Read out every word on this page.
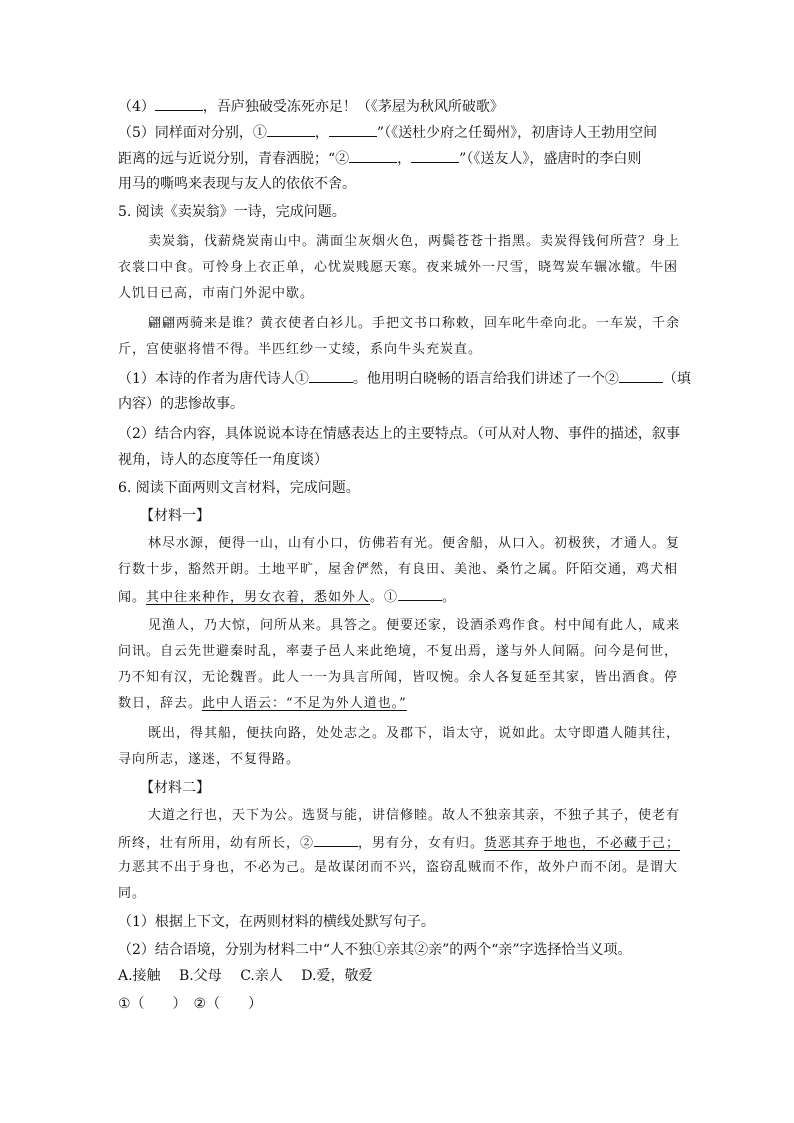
（4）	，吾庐独破受冻死亦足！（《茅屋为秋风所破歌》
（5）同样面对分别，①	，	”（《送杜少府之任蜀州》，初唐诗人王勃用空间
距离的远与近说分别，青春洒脱；“②	，	”（《送友人》，盛唐时的李白则
用马的嘶鸣来表现与友人的依依不舍。
5. 阅读《卖炭翁》一诗，完成问题。
卖炭翁，伐薪烧炭南山中。满面尘灰烟火色，两鬓苍苍十指黑。卖炭得钱何所营？身上
衣裳口中食。可怜身上衣正单，心忧炭贱愿天寒。夜来城外一尺雪，晓驾炭车辗冰辙。牛困
人饥日已高，市南门外泥中歇。
翩翩两骑来是谁？黄衣使者白衫儿。手把文书口称敕，回车叱牛牵向北。一车炭，千余
斤，宫使驱将惜不得。半匹红纱一丈绫，系向牛头充炭直。
（1）本诗的作者为唐代诗人①	。他用明白晓畅的语言给我们讲述了一个②	（填
内容）的悲惨故事。
（2）结合内容，具体说说本诗在情感表达上的主要特点。（可从对人物、事件的描述，叙事
视角，诗人的态度等任一角度谈）
6. 阅读下面两则文言材料，完成问题。
【材料一】
林尽水源，便得一山，山有小口，仿佛若有光。便舍船，从口入。初极狭，才通人。复
行数十步，豁然开朗。土地平旷，屋舍俨然，有良田、美池、桑竹之属。阡陌交通，鸡犬相
闻。其中往来种作，男女衣着，悉如外人。①	。
见渔人，乃大惊，问所从来。具答之。便要还家，设酒杀鸡作食。村中闻有此人，咸来
问讯。自云先世避秦时乱，率妻子邑人来此绝境，不复出焉，遂与外人间隔。问今是何世，
乃不知有汉，无论魏晋。此人一一为具言所闻，皆叹惋。余人各复延至其家，皆出酒食。停
数日，辞去。此中人语云：“不足为外人道也。”
既出，得其船，便扶向路，处处志之。及郡下，诣太守，说如此。太守即遣人随其往，
寻向所志，遂迷，不复得路。
【材料二】
大道之行也，天下为公。选贤与能，讲信修睦。故人不独亲其亲，不独子其子，使老有
所终，壮有所用，幼有所长，②	，男有分，女有归。货恶其弃于地也，不必藏于己；
力恶其不出于身也，不必为己。是故谋闭而不兴，盗窃乱贼而不作，故外户而不闭。是谓大
同。
（1）根据上下文，在两则材料的横线处默写句子。
（2）结合语境，分别为材料二中“人不独①亲其②亲”的两个“亲”字选择恰当义项。
A.接触　 B.父母　 C.亲人　 D.爱，敬爱
①（　　）　②（　　）
